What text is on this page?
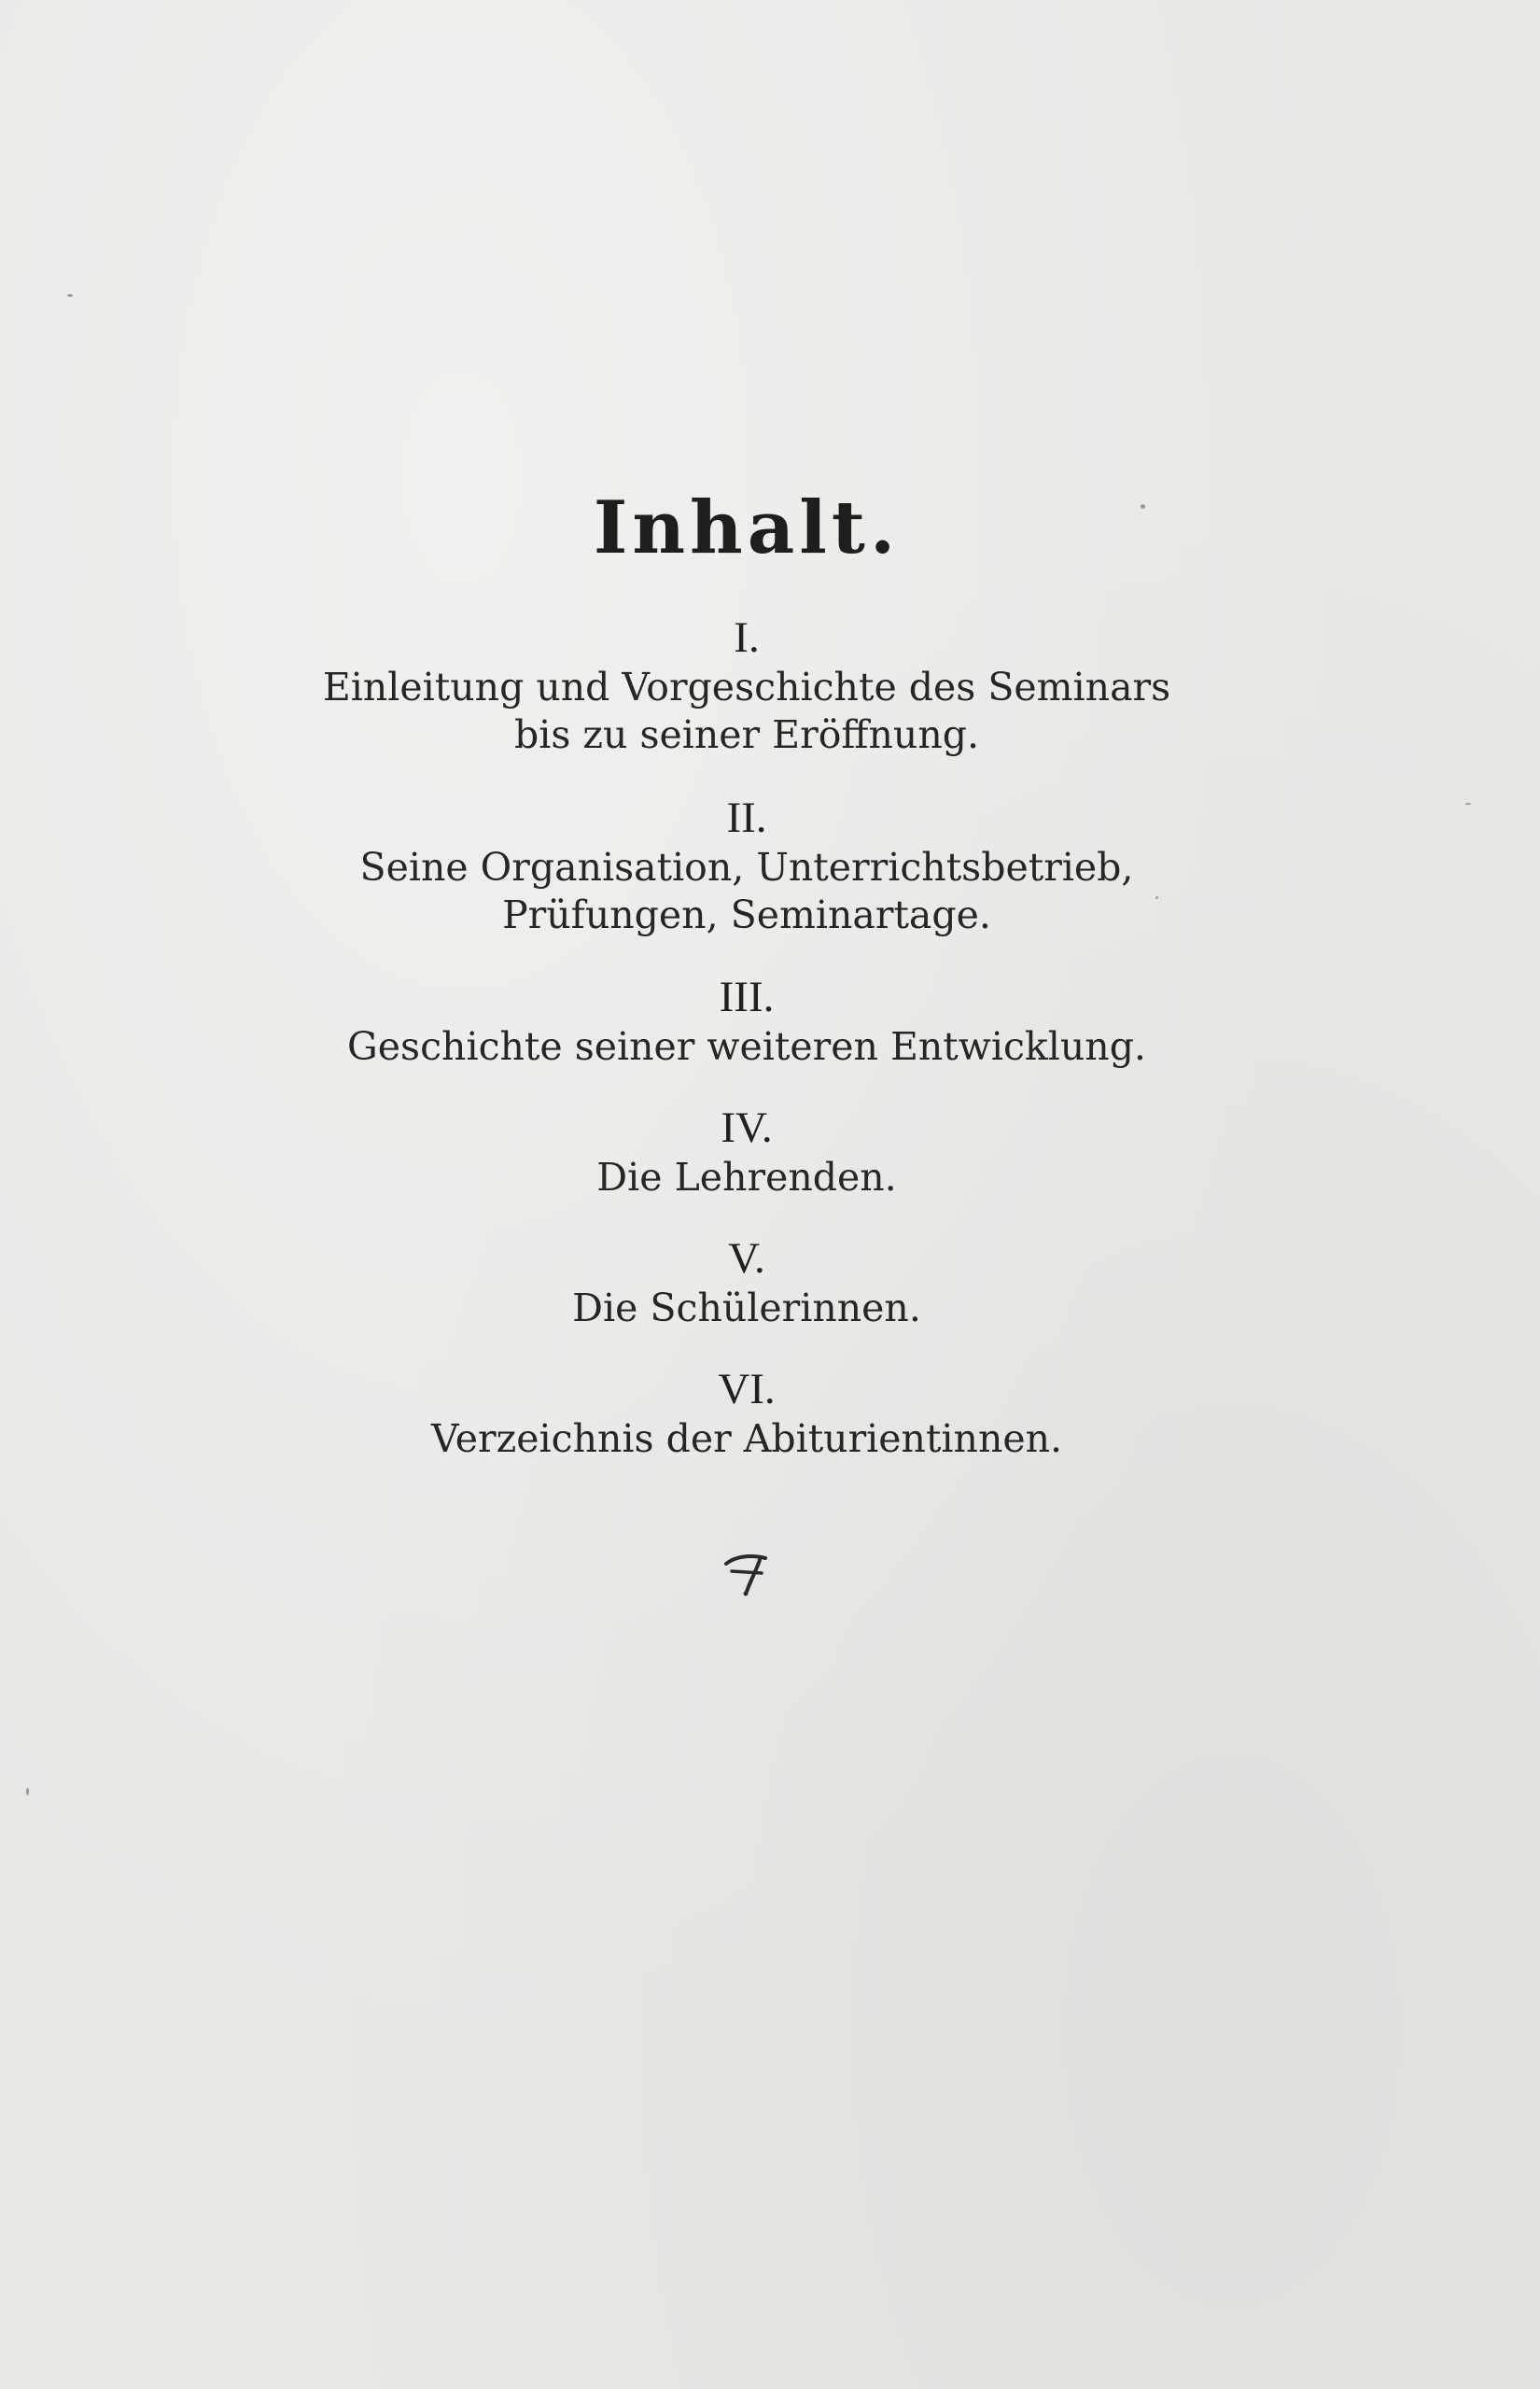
Inhalt.
I.
Einleitung und Vorgeschichte des Seminars
bis zu seiner Eröffnung.
II.
Seine Organisation, Unterrichtsbetrieb,
Prüfungen, Seminartage.
III.
Geschichte seiner weiteren Entwicklung.
IV.
Die Lehrenden.
V.
Die Schülerinnen.
VI.
Verzeichnis der Abiturientinnen.
